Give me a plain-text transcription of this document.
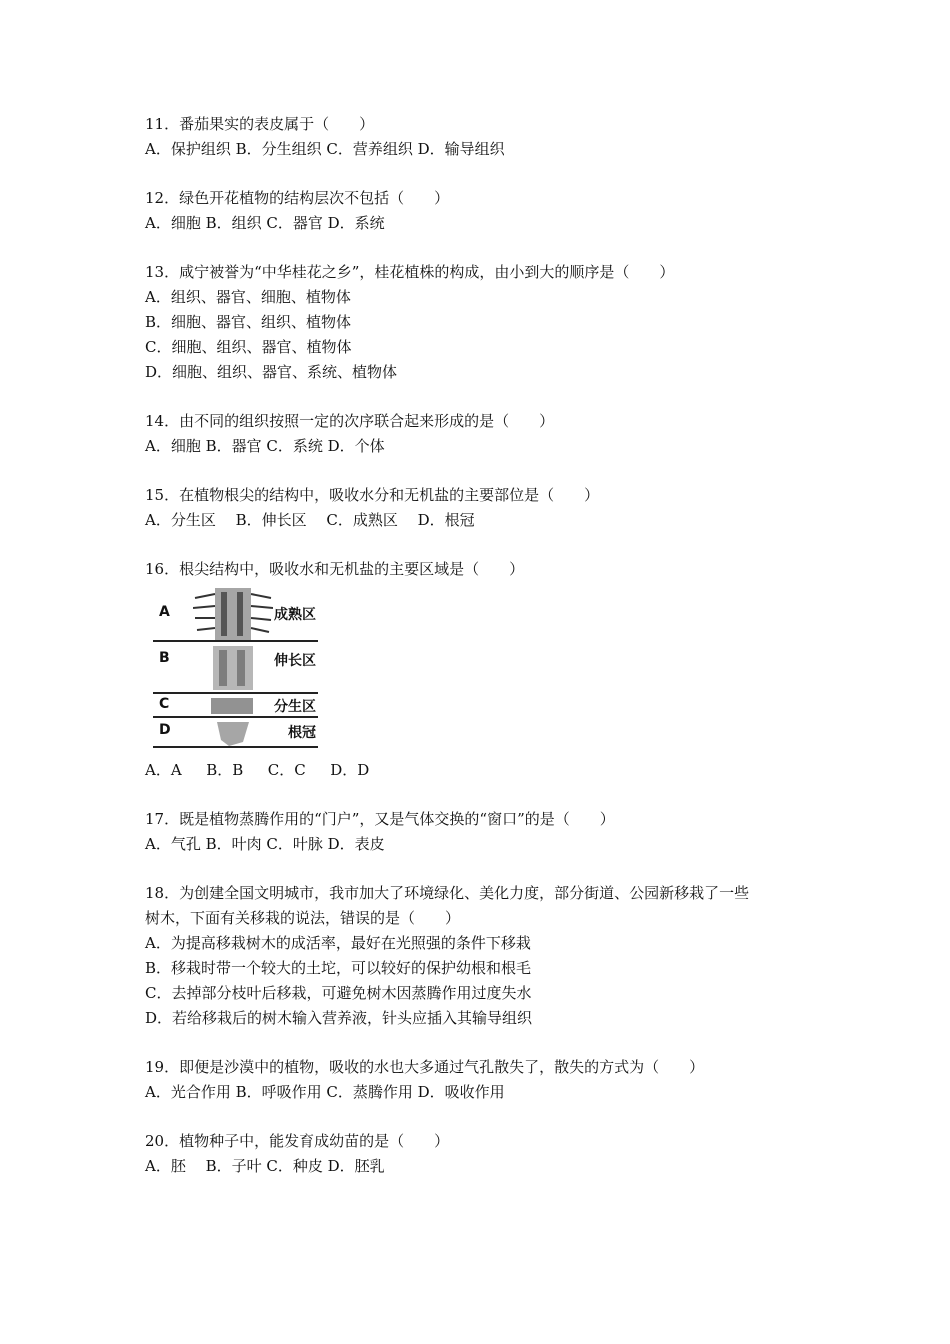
11．番茄果实的表皮属于（　　）
A．保护组织 B．分生组织 C．营养组织 D．输导组织
12．绿色开花植物的结构层次不包括（　　）
A．细胞 B．组织 C．器官 D．系统
13．咸宁被誉为“中华桂花之乡”，桂花植株的构成，由小到大的顺序是（　　）
A．组织、器官、细胞、植物体
B．细胞、器官、组织、植物体
C．细胞、组织、器官、植物体
D．细胞、组织、器官、系统、植物体
14．由不同的组织按照一定的次序联合起来形成的是（　　）
A．细胞 B．器官 C．系统 D．个体
15．在植物根尖的结构中，吸收水分和无机盐的主要部位是（　　）
A．分生区　 B．伸长区　 C．成熟区　 D．根冠
16．根尖结构中，吸收水和无机盐的主要区域是（　　）
A	成熟区
B	伸长区
C	分生区
D	根冠
A．A　  B．B　  C．C　  D．D
17．既是植物蒸腾作用的“门户”，又是气体交换的“窗口”的是（　　）
A．气孔 B．叶肉 C．叶脉 D．表皮
18．为创建全国文明城市，我市加大了环境绿化、美化力度，部分街道、公园新移栽了一些
树木，下面有关移栽的说法，错误的是（　　）
A．为提高移栽树木的成活率，最好在光照强的条件下移栽
B．移栽时带一个较大的土坨，可以较好的保护幼根和根毛
C．去掉部分枝叶后移栽，可避免树木因蒸腾作用过度失水
D．若给移栽后的树木输入营养液，针头应插入其输导组织
19．即便是沙漠中的植物，吸收的水也大多通过气孔散失了，散失的方式为（　　）
A．光合作用 B．呼吸作用 C．蒸腾作用 D．吸收作用
20．植物种子中，能发育成幼苗的是（　　）
A．胚　 B．子叶 C．种皮 D．胚乳
